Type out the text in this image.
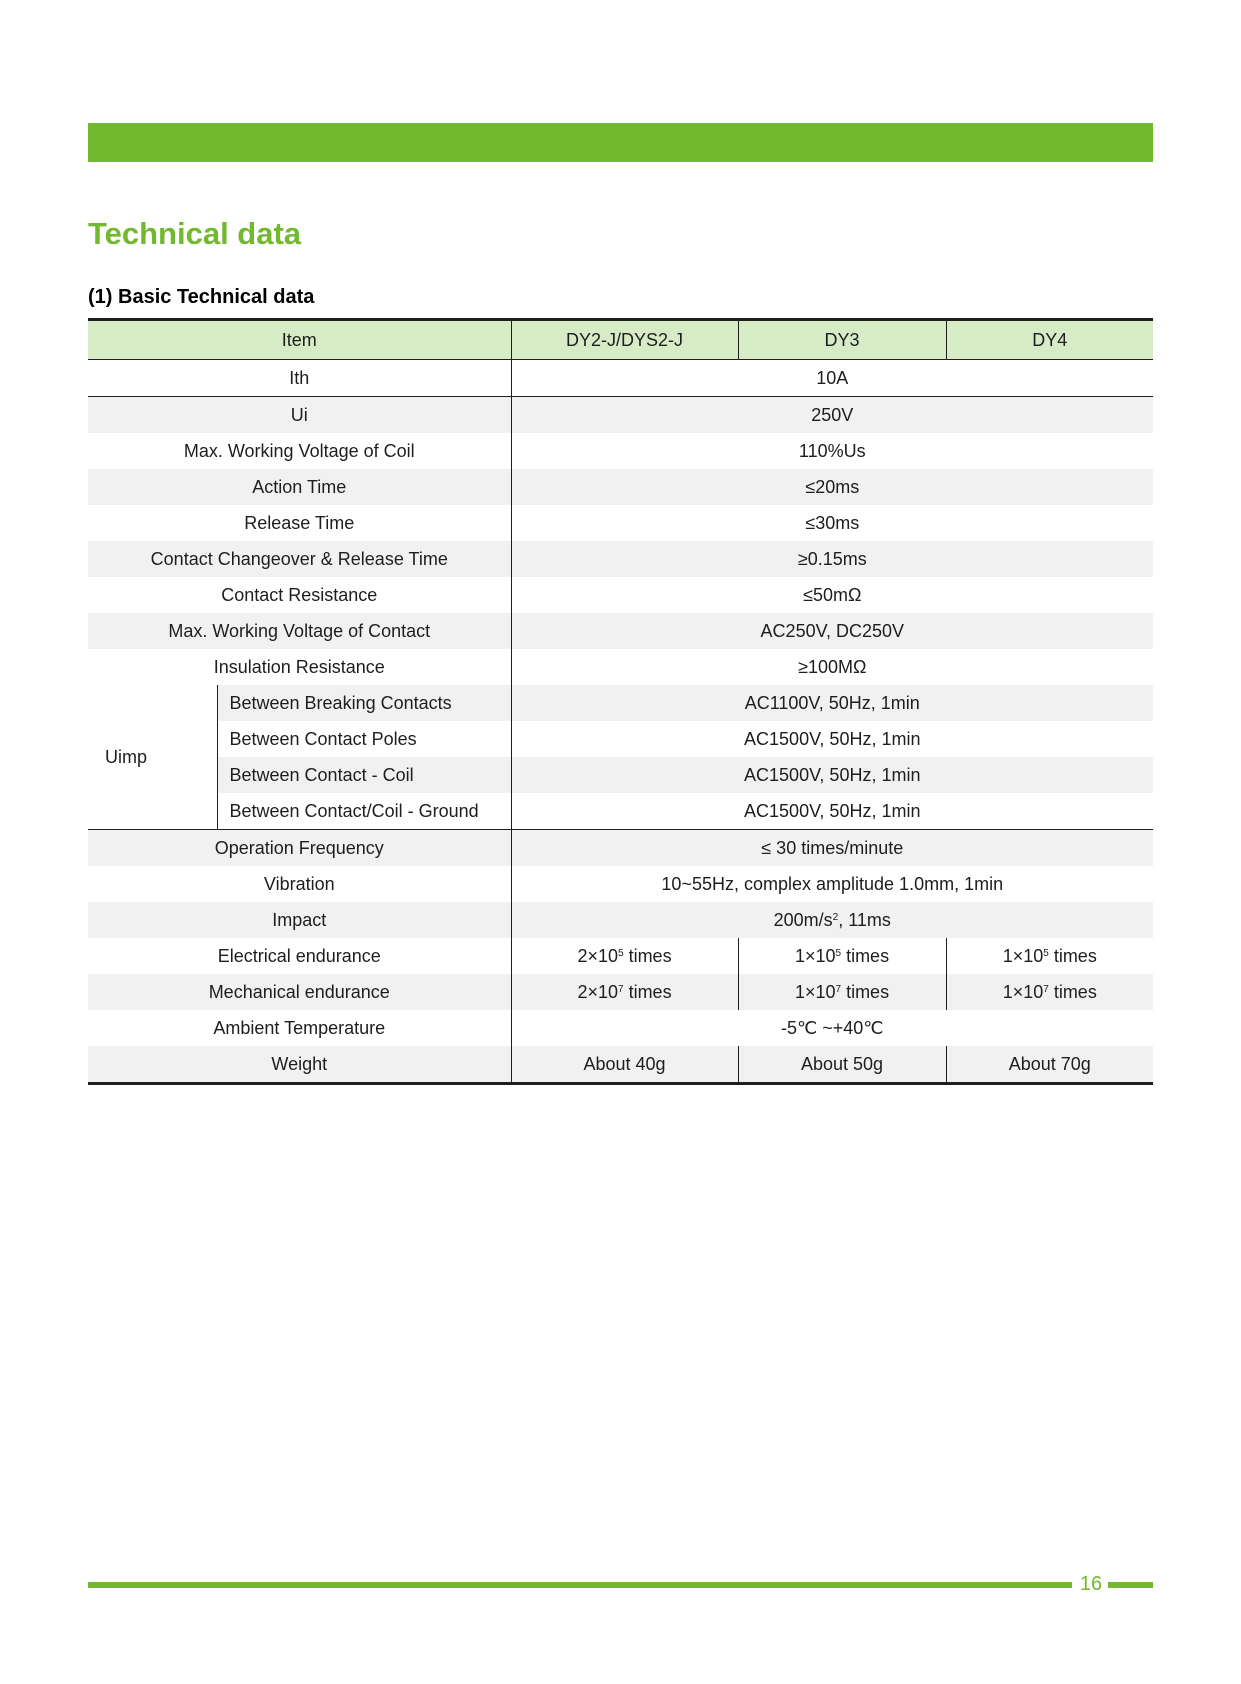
Technical data
(1) Basic Technical data
Item		DY2-J/DYS2-J	DY3	DY4
Ith		10A		
Ui		250V		
Max. Working Voltage of Coil		110%Us		
Action Time		≤20ms		
Release Time		≤30ms		
Contact Changeover & Release Time		≥0.15ms		
Contact Resistance		≤50mΩ		
Max. Working Voltage of Contact		AC250V, DC250V		
Insulation Resistance		≥100MΩ		
Uimp	Between Breaking Contacts	AC1100V, 50Hz, 1min		
	Between Contact Poles	AC1500V, 50Hz, 1min		
	Between Contact - Coil	AC1500V, 50Hz, 1min		
	Between Contact/Coil - Ground	AC1500V, 50Hz, 1min		
Operation Frequency		≤ 30 times/minute		
Vibration		10~55Hz, complex amplitude 1.0mm, 1min		
Impact		$200m/s^2$, 11ms		
Electrical endurance		$2\times 10^5$ times	$1\times 10^5$ times	$1\times 10^5$ times
Mechanical endurance		$2\times 10^7$ times	$1\times 10^7$ times	$1\times 10^7$ times
Ambient Temperature		-5℃ ~+40℃		
Weight		About 40g	About 50g	About 70g
16
